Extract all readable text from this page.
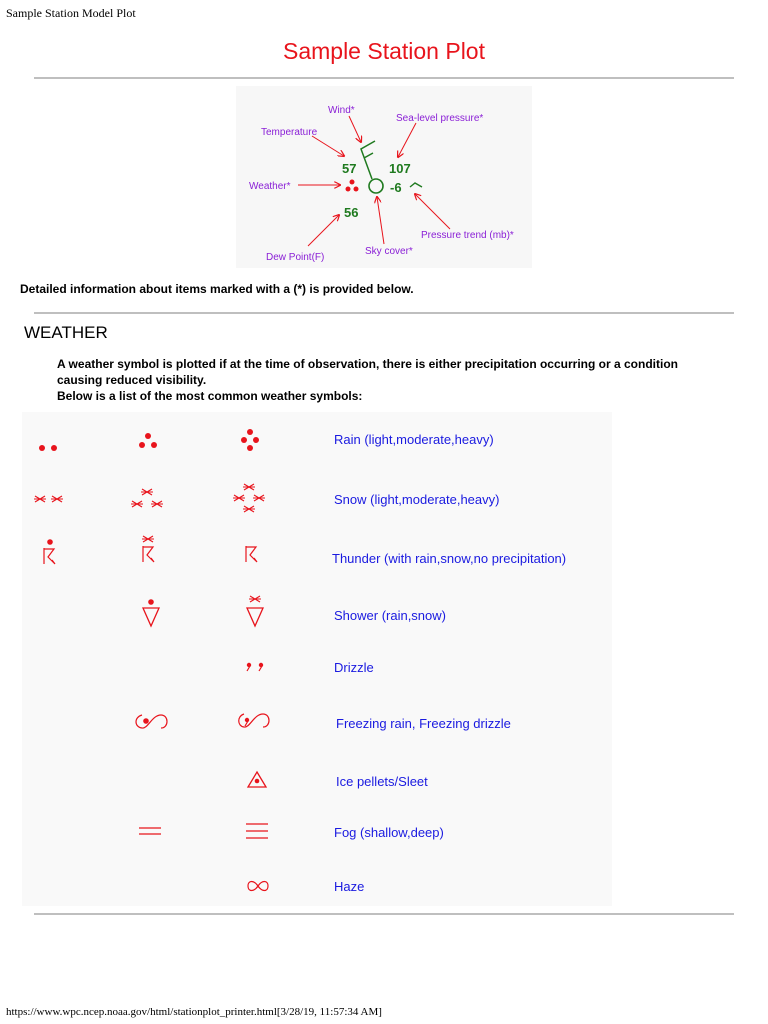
Sample Station Model Plot
Sample Station Plot
Wind*
Sea-level pressure*
Temperature
Weather*
Pressure trend (mb)*
Dew Point(F)
Sky cover*
57	107
-6
56
Detailed information about items marked with a (*) is provided below.
WEATHER
A weather symbol is plotted if at the time of observation, there is either precipitation occurring or a condition
causing reduced visibility.
Below is a list of the most common weather symbols:
Rain (light,moderate,heavy)
Snow (light,moderate,heavy)
Thunder (with rain,snow,no precipitation)
Shower (rain,snow)
Drizzle
Freezing rain, Freezing drizzle
Ice pellets/Sleet
Fog (shallow,deep)
Haze
https://www.wpc.ncep.noaa.gov/html/stationplot_printer.html[3/28/19, 11:57:34 AM]
